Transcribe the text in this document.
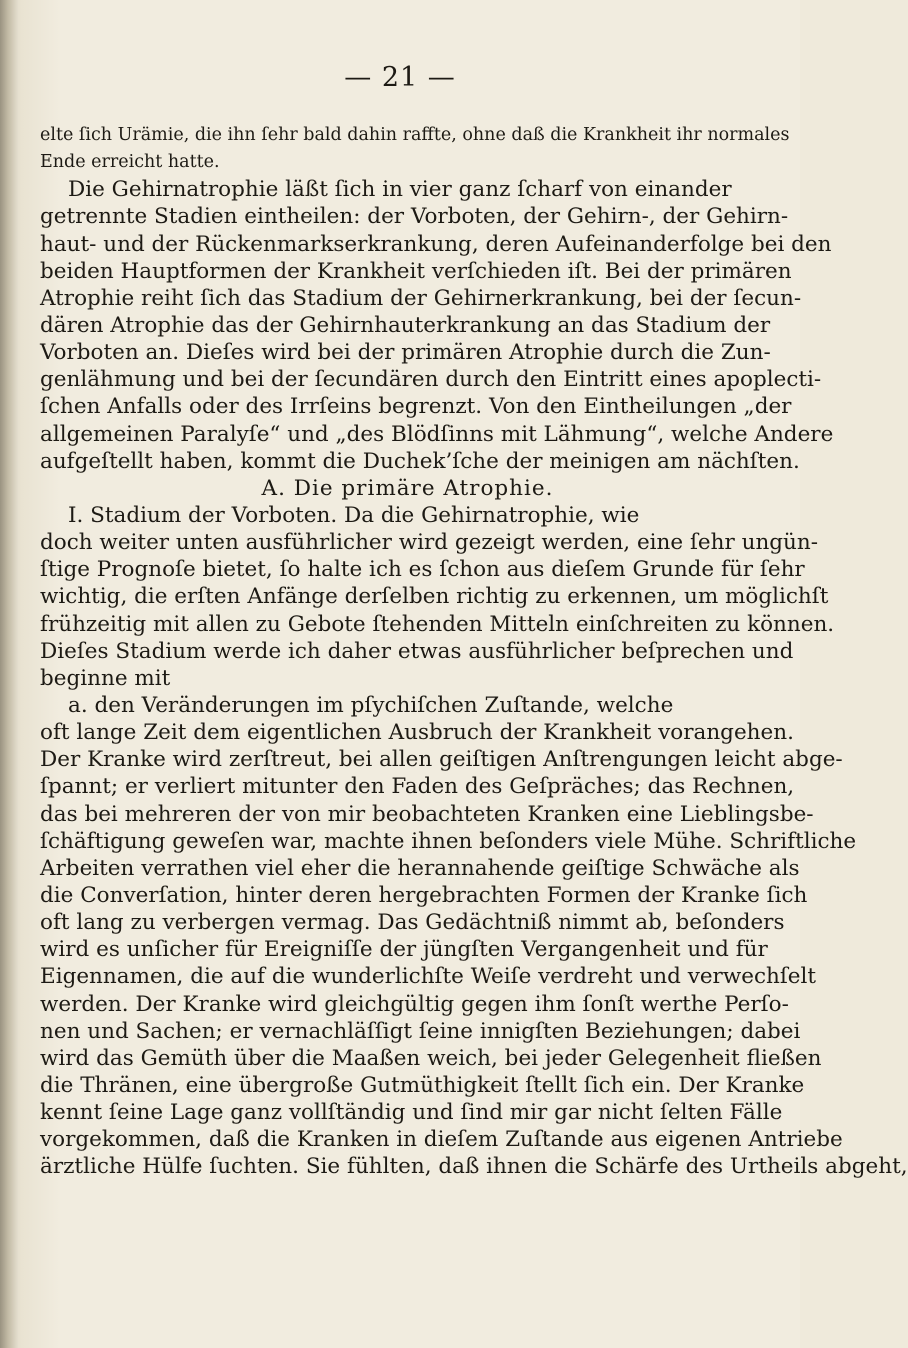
— 21 —
elte ſich Urämie, die ihn ſehr bald dahin raffte, ohne daß die Krankheit ihr normales
Ende erreicht hatte.
Die Gehirnatrophie läßt ſich in vier ganz ſcharf von einander
getrennte Stadien eintheilen: der Vorboten, der Gehirn-, der Gehirn-
haut- und der Rückenmarkserkrankung, deren Aufeinanderfolge bei den
beiden Hauptformen der Krankheit verſchieden iſt. Bei der primären
Atrophie reiht ſich das Stadium der Gehirnerkrankung, bei der ſecun-
dären Atrophie das der Gehirnhauterkrankung an das Stadium der
Vorboten an. Dieſes wird bei der primären Atrophie durch die Zun-
genlähmung und bei der ſecundären durch den Eintritt eines apoplecti-
ſchen Anfalls oder des Irrſeins begrenzt. Von den Eintheilungen „der
allgemeinen Paralyſe“ und „des Blödſinns mit Lähmung“, welche Andere
aufgeſtellt haben, kommt die Duchek’ſche der meinigen am nächſten.
A. Die primäre Atrophie.
I. Stadium der Vorboten. Da die Gehirnatrophie, wie
doch weiter unten ausführlicher wird gezeigt werden, eine ſehr ungün-
ſtige Prognoſe bietet, ſo halte ich es ſchon aus dieſem Grunde für ſehr
wichtig, die erſten Anfänge derſelben richtig zu erkennen, um möglichſt
frühzeitig mit allen zu Gebote ſtehenden Mitteln einſchreiten zu können.
Dieſes Stadium werde ich daher etwas ausführlicher beſprechen und
beginne mit
a. den Veränderungen im pſychiſchen Zuſtande, welche
oft lange Zeit dem eigentlichen Ausbruch der Krankheit vorangehen.
Der Kranke wird zerſtreut, bei allen geiſtigen Anſtrengungen leicht abge-
ſpannt; er verliert mitunter den Faden des Geſpräches; das Rechnen,
das bei mehreren der von mir beobachteten Kranken eine Lieblingsbe-
ſchäftigung geweſen war, machte ihnen beſonders viele Mühe. Schriftliche
Arbeiten verrathen viel eher die herannahende geiſtige Schwäche als
die Converſation, hinter deren hergebrachten Formen der Kranke ſich
oft lang zu verbergen vermag. Das Gedächtniß nimmt ab, beſonders
wird es unſicher für Ereigniſſe der jüngſten Vergangenheit und für
Eigennamen, die auf die wunderlichſte Weiſe verdreht und verwechſelt
werden. Der Kranke wird gleichgültig gegen ihm ſonſt werthe Perſo-
nen und Sachen; er vernachläſſigt ſeine innigſten Beziehungen; dabei
wird das Gemüth über die Maaßen weich, bei jeder Gelegenheit fließen
die Thränen, eine übergroße Gutmüthigkeit ſtellt ſich ein. Der Kranke
kennt ſeine Lage ganz vollſtändig und ſind mir gar nicht ſelten Fälle
vorgekommen, daß die Kranken in dieſem Zuſtande aus eigenen Antriebe
ärztliche Hülfe ſuchten. Sie fühlten, daß ihnen die Schärfe des Urtheils abgeht,
